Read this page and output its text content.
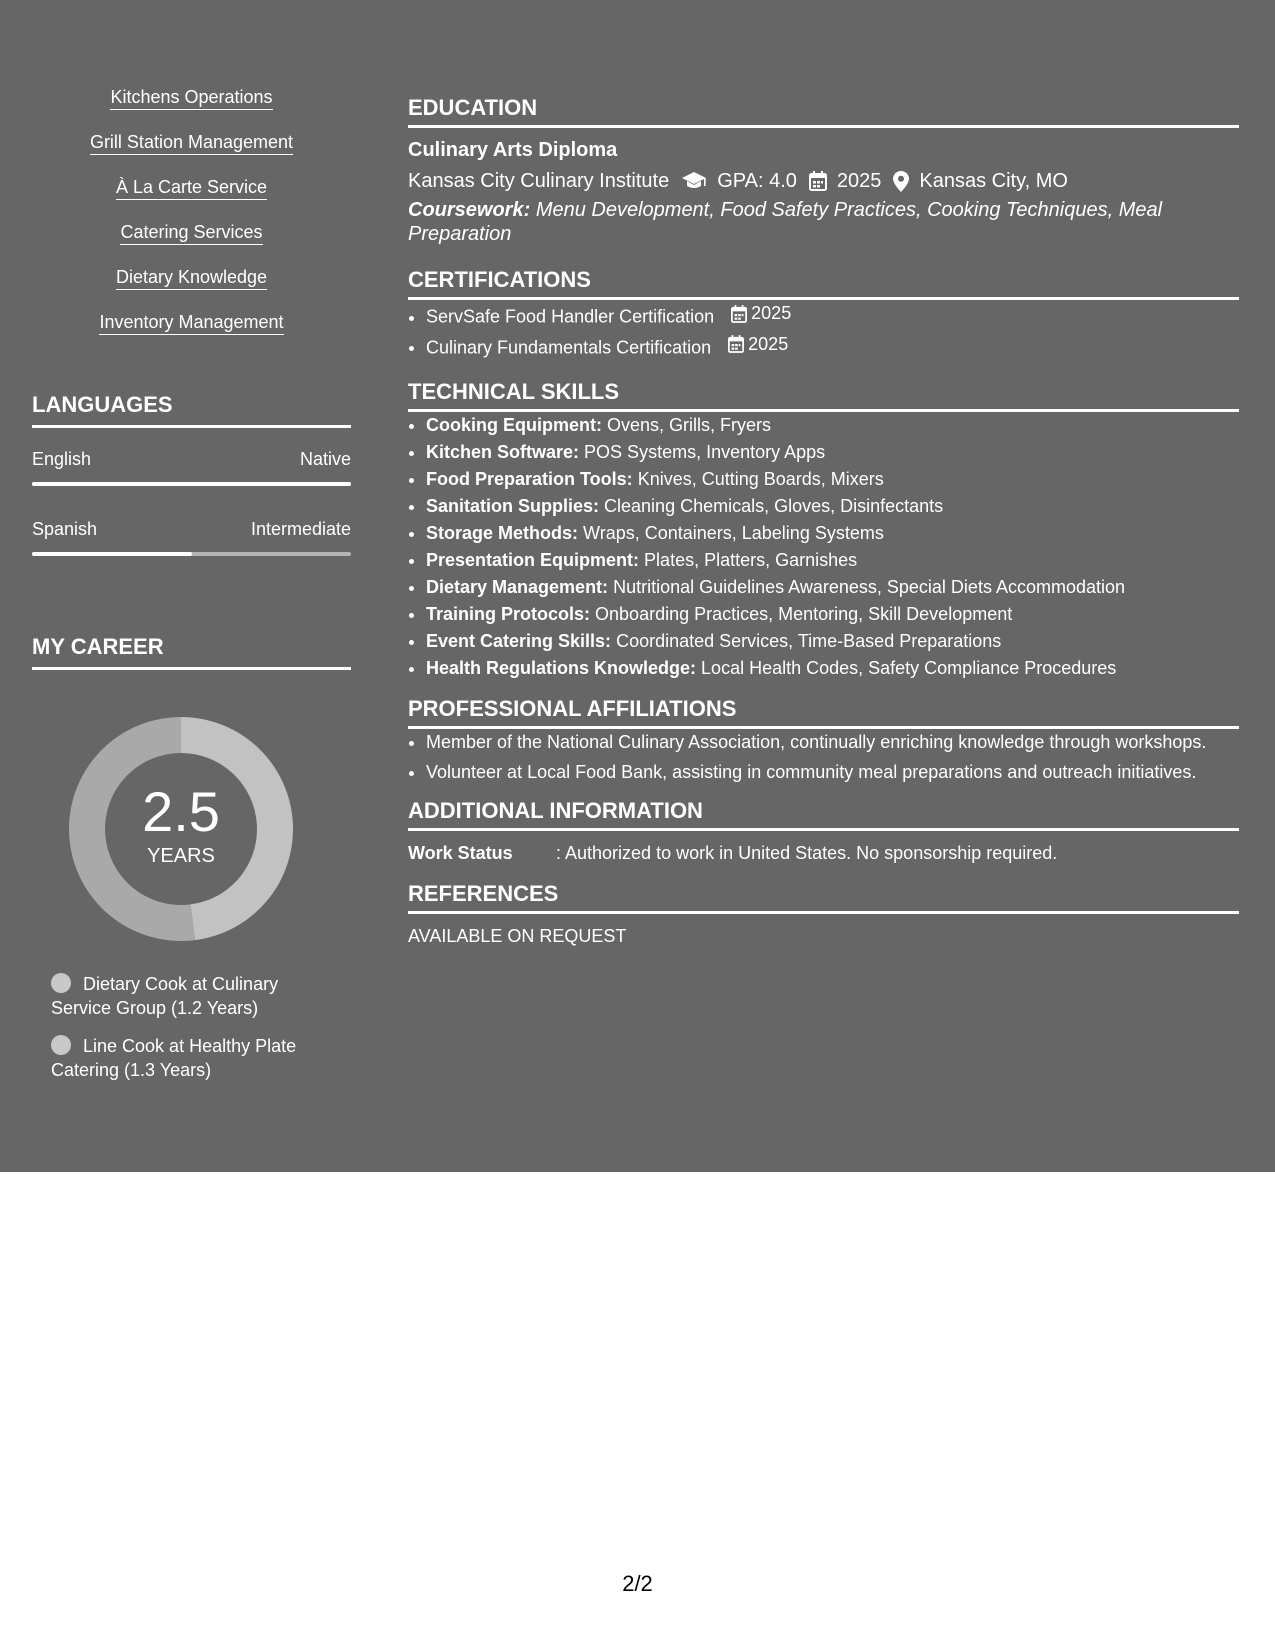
Kitchens Operations
Grill Station Management
À La Carte Service
Catering Services
Dietary Knowledge
Inventory Management
LANGUAGES
English	Native
Spanish	Intermediate
MY CAREER
2.5
YEARS
Dietary Cook at Culinary Service Group (1.2 Years)
Line Cook at Healthy Plate Catering (1.3 Years)
EDUCATION
Culinary Arts Diploma
Kansas City Culinary Institute GPA: 4.0 2025 Kansas City, MO
Coursework: Menu Development, Food Safety Practices, Cooking Techniques, Meal Preparation
CERTIFICATIONS
• ServSafe Food Handler Certification 2025
• Culinary Fundamentals Certification 2025
TECHNICAL SKILLS
• Cooking Equipment: Ovens, Grills, Fryers
• Kitchen Software: POS Systems, Inventory Apps
• Food Preparation Tools: Knives, Cutting Boards, Mixers
• Sanitation Supplies: Cleaning Chemicals, Gloves, Disinfectants
• Storage Methods: Wraps, Containers, Labeling Systems
• Presentation Equipment: Plates, Platters, Garnishes
• Dietary Management: Nutritional Guidelines Awareness, Special Diets Accommodation
• Training Protocols: Onboarding Practices, Mentoring, Skill Development
• Event Catering Skills: Coordinated Services, Time-Based Preparations
• Health Regulations Knowledge: Local Health Codes, Safety Compliance Procedures
PROFESSIONAL AFFILIATIONS
• Member of the National Culinary Association, continually enriching knowledge through workshops.
• Volunteer at Local Food Bank, assisting in community meal preparations and outreach initiatives.
ADDITIONAL INFORMATION
Work Status	: Authorized to work in United States. No sponsorship required.
REFERENCES
AVAILABLE ON REQUEST
2/2
